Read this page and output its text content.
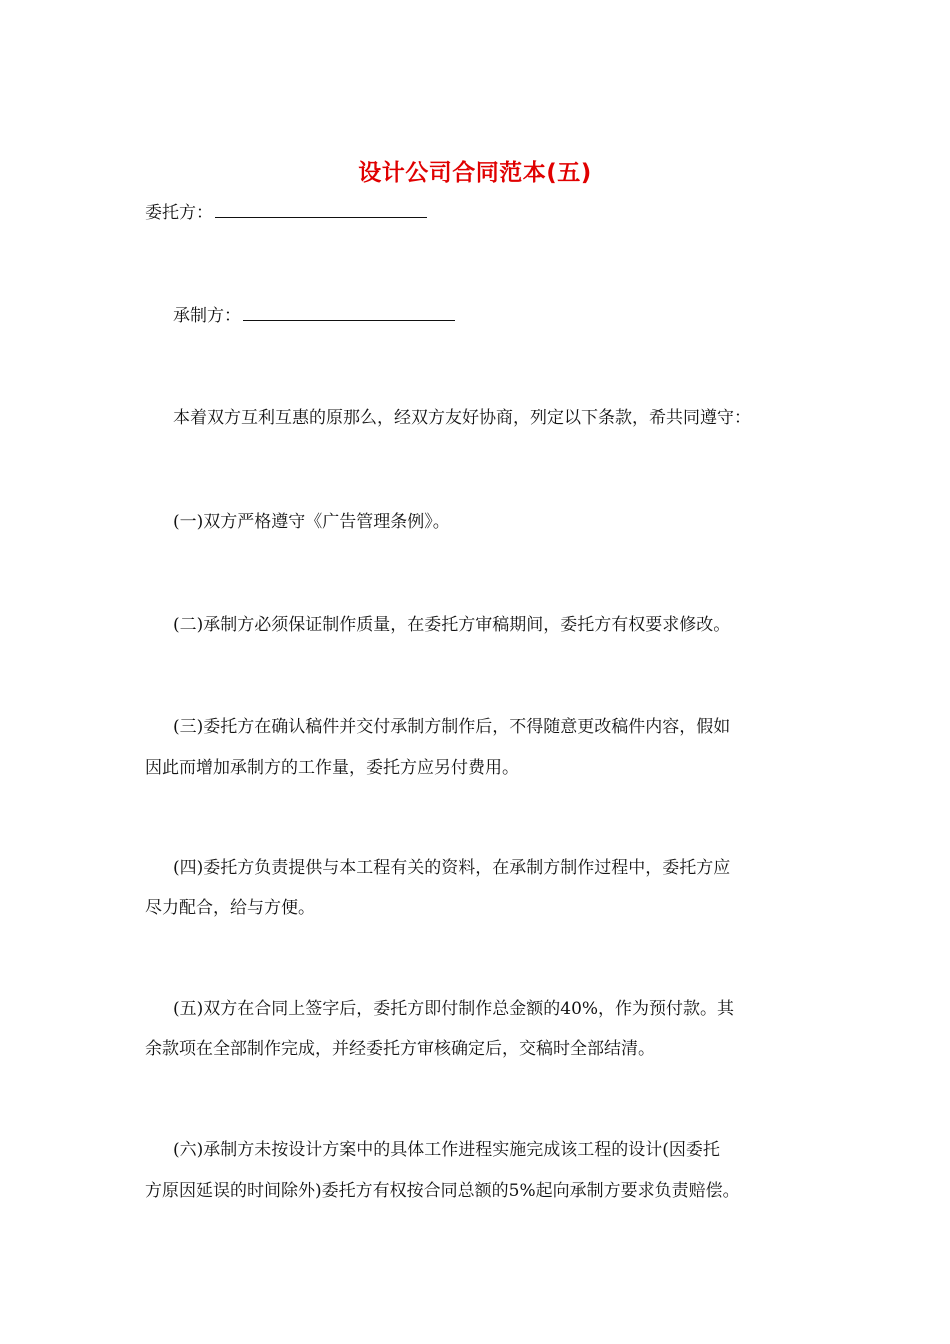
设计公司合同范本(五)
委托方：
承制方：
本着双方互利互惠的原那么，经双方友好协商，列定以下条款，希共同遵守：
(一)双方严格遵守《广告管理条例》。
(二)承制方必须保证制作质量，在委托方审稿期间，委托方有权要求修改。
(三)委托方在确认稿件并交付承制方制作后，不得随意更改稿件内容，假如
因此而增加承制方的工作量，委托方应另付费用。
(四)委托方负责提供与本工程有关的资料，在承制方制作过程中，委托方应
尽力配合，给与方便。
(五)双方在合同上签字后，委托方即付制作总金额的40%，作为预付款。其
余款项在全部制作完成，并经委托方审核确定后，交稿时全部结清。
(六)承制方未按设计方案中的具体工作进程实施完成该工程的设计(因委托
方原因延误的时间除外)委托方有权按合同总额的5%起向承制方要求负责赔偿。
